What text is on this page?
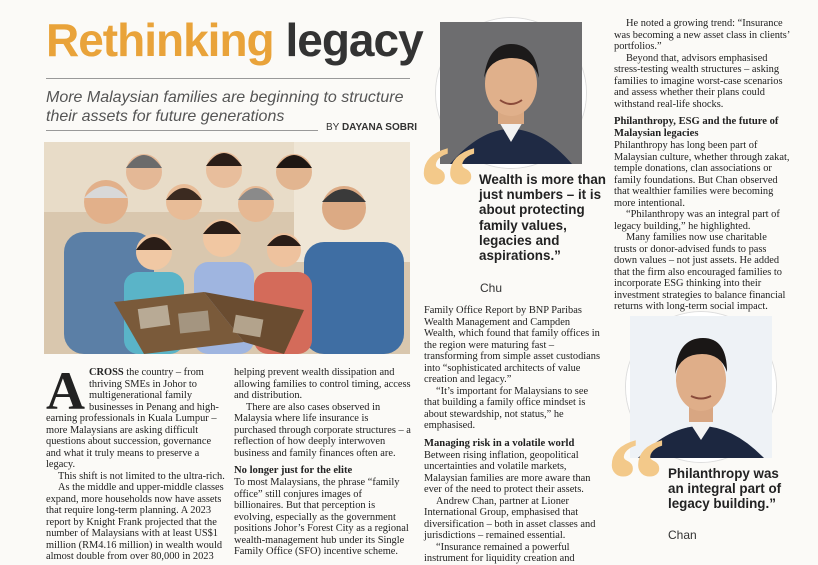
Rethinking legacy
More Malaysian families are beginning to structure their assets for future generations
BY DAYANA SOBRI
A CROSS the country – from thriving SMEs in Johor to multigenerational family businesses in Penang and high-earning professionals in Kuala Lumpur – more Malaysians are asking difficult questions about succession, governance and what it truly means to preserve a legacy.

This shift is not limited to the ultra-rich.

As the middle and upper-middle classes expand, more households now have assets that require long-term planning. A 2023 report by Knight Frank projected that the number of Malaysians with at least US$1 million (RM4.16 million) in wealth would almost double from over 80,000 in 2023

helping prevent wealth dissipation and allowing families to control timing, access and distribution.

There are also cases observed in Malaysia where life insurance is purchased through corporate structures – a reflection of how deeply interwoven business and family finances often are.

No longer just for the elite

To most Malaysians, the phrase “family office” still conjures images of billionaires. But that perception is evolving, especially as the government positions Johor’s Forest City as a regional wealth-management hub under its Single Family Office (SFO) incentive scheme.

“ Wealth is more than just numbers – it is about protecting family values, legacies and aspirations.”
Chu

Family Office Report by BNP Paribas Wealth Management and Campden Wealth, which found that family offices in the region were maturing fast – transforming from simple asset custodians into “sophisticated architects of value creation and legacy.”

“It’s important for Malaysians to see that building a family office mindset is about stewardship, not status,” he emphasised.

Managing risk in a volatile world

Between rising inflation, geopolitical uncertainties and volatile markets, Malaysian families are more aware than ever of the need to protect their assets.

Andrew Chan, partner at Lioner International Group, emphasised that diversification – both in asset classes and jurisdictions – remained essential.

“Insurance remained a powerful instrument for liquidity creation and

He noted a growing trend: “Insurance was becoming a new asset class in clients’ portfolios.”

Beyond that, advisors emphasised stress-testing wealth structures – asking families to imagine worst-case scenarios and assess whether their plans could withstand real-life shocks.

Philanthropy, ESG and the future of Malaysian legacies

Philanthropy has long been part of Malaysian culture, whether through zakat, temple donations, clan associations or family foundations. But Chan observed that wealthier families were becoming more intentional.

“Philanthropy was an integral part of legacy building,” he highlighted.

Many families now use charitable trusts or donor-advised funds to pass down values – not just assets. He added that the firm also encouraged families to incorporate ESG thinking into their investment strategies to balance financial returns with long-term social impact.

“ Philanthropy was an integral part of legacy building.”
Chan
